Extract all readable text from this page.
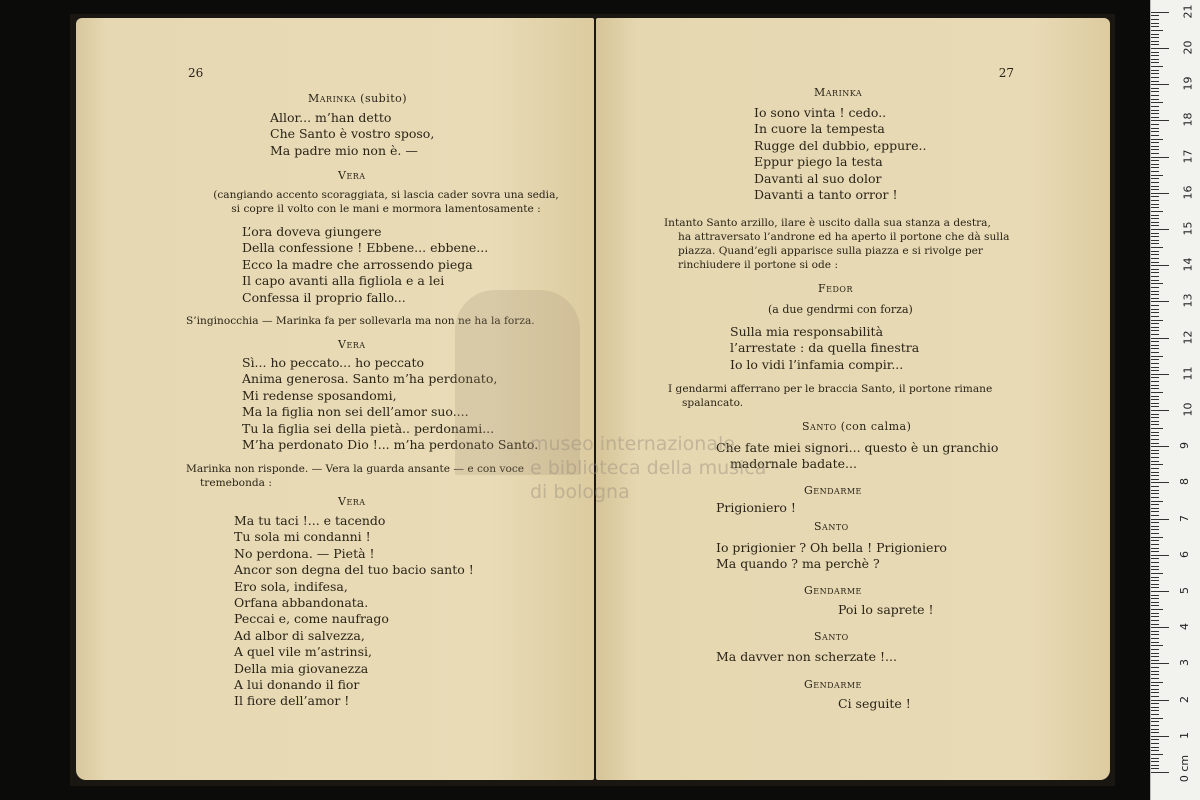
26
Marinka (subito)
Allor... m’han detto
Che Santo è vostro sposo,
Ma padre mio non è. —
Vera
(cangiando accento scoraggiata, si lascia cader sovra una sedia,
si copre il volto con le mani e mormora lamentosamente :
L’ora doveva giungere
Della confessione ! Ebbene... ebbene...
Ecco la madre che arrossendo piega
Il capo avanti alla figliola e a lei
Confessa il proprio fallo...
S’inginocchia — Marinka fa per sollevarla ma non ne ha la forza.
Vera
Sì... ho peccato... ho peccato
Anima generosa. Santo m’ha perdonato,
Mi redense sposandomi,
Ma la figlia non sei dell’amor suo....
Tu la figlia sei della pietà.. perdonami...
M’ha perdonato Dio !... m’ha perdonato Santo.
Marinka non risponde. — Vera la guarda ansante — e con voce
tremebonda :
Vera
Ma tu taci !... e tacendo
Tu sola mi condanni !
No perdona. — Pietà !
Ancor son degna del tuo bacio santo !
Ero sola, indifesa,
Orfana abbandonata.
Peccai e, come naufrago
Ad albor di salvezza,
A quel vile m’astrinsi,
Della mia giovanezza
A lui donando il fior
Il fiore dell’amor !
27
Marinka
Io sono vinta ! cedo..
In cuore la tempesta
Rugge del dubbio, eppure..
Eppur piego la testa
Davanti al suo dolor
Davanti a tanto orror !
Intanto Santo arzillo, ilare è uscito dalla sua stanza a destra,
ha attraversato l’androne ed ha aperto il portone che dà sulla
piazza. Quand’egli apparisce sulla piazza e si rivolge per
rinchiudere il portone si ode :
Fedor
(a due gendrmi con forza)
Sulla mia responsabilità
l’arrestate : da quella finestra
Io lo vidi l’infamia compir...
I gendarmi afferrano per le braccia Santo, il portone rimane
spalancato.
Santo (con calma)
Che fate miei signori... questo è un granchio
madornale badate...
Gendarme
Prigioniero !
Santo
Io prigionier ? Oh bella ! Prigioniero
Ma quando ? ma perchè ?
Gendarme
Poi lo saprete !
Santo
Ma davver non scherzate !...
Gendarme
Ci seguite !
museo internazionale
e biblioteca della musica
di bologna
0 cm
1
2
3
4
5
6
7
8
9
10
11
12
13
14
15
16
17
18
19
20
21
